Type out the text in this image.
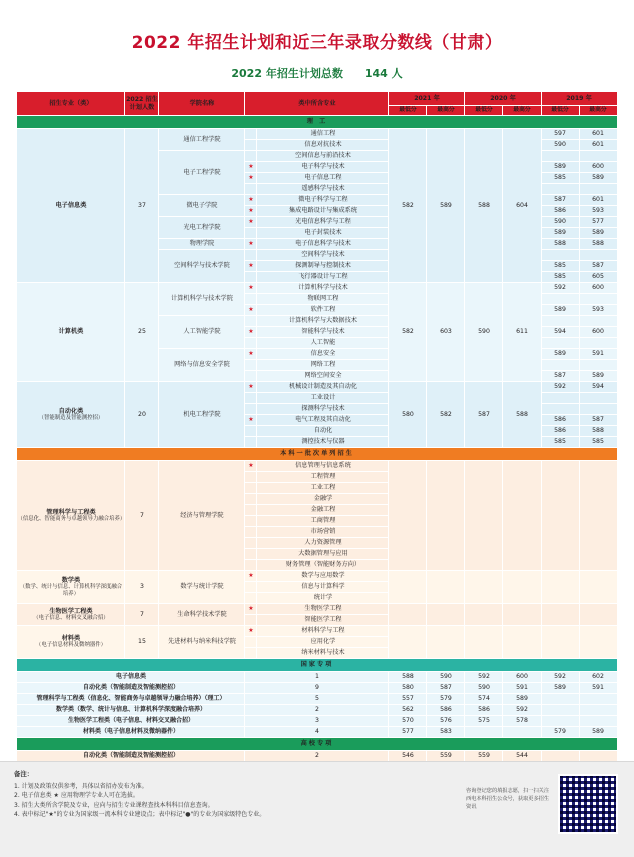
2022 年招生计划和近三年录取分数线（甘肃）
2022 年招生计划总数 144 人
招生专业（类）	2022 招生计划人数	学院名称	类中所含专业		2021 年		2020 年		2019 年	
					最低分	最高分	最低分	最高分	最低分	最高分
理 工										
电子信息类	37	通信工程学院		通信工程	582	589	588	604	597	601
				信息对抗技术					590	601
		电子工程学院		空间信息与前沿技术						
			★	电子科学与技术					589	600
			★	电子信息工程					585	589
				遥感科学与技术						
		微电子学院	★	微电子科学与工程					587	601
			★	集成电路设计与集成系统					586	593
		光电工程学院	★	光电信息科学与工程					590	577
				电子封装技术					589	589
		物理学院	★	电子信息科学与技术					588	588
		空间科学与技术学院		空间科学与技术						
			★	探测制导与控制技术					585	587
				飞行器设计与工程					585	605
计算机类	25	计算机科学与技术学院	★	计算机科学与技术	582	603	590	611	592	600
				物联网工程						
			★	软件工程					589	593
		人工智能学院		计算机科学与大数据技术						
			★	智能科学与技术					594	600
				人工智能						
		网络与信息安全学院	★	信息安全					589	591
				网络工程						
				网络空间安全					587	589
自动化类
（智能制造及智能测控招）	20	机电工程学院	★	机械设计制造及其自动化	580	582	587	588	592	594
				工业设计						
				探测科学与技术						
			★	电气工程及其自动化					586	587
				自动化					586	588
				测控技术与仪器					585	585
本科一批次单列招生										
管理科学与工程类
（信息化、智能商务与卓越领导力融合培养）	7	经济与管理学院	★	信息管理与信息系统						
				工程管理						
				工业工程						
				金融学						
				金融工程						
				工商管理						
				市场营销						
				人力资源管理						
				大数据管理与应用						
				财务管理（智能财务方向）						
数学类
（数学、统计与信息、计算机科学深度融合培养）	3	数学与统计学院	★	数学与应用数学						
				信息与计算科学						
				统计学						
生物医学工程类
（电子信息、材料交叉融合招）	7	生命科学技术学院	★	生物医学工程						
				智能医学工程						
材料类
（电子信息材料及微纳器件）	15	先进材料与纳米科技学院	★	材料科学与工程						
				应用化学						
				纳米材料与技术						
国家专项										
电子信息类			1		588	590	592	600	592	602
自动化类（智能制造及智能测控招）			9		580	587	590	591	589	591
管理科学与工程类（信息化、智能商务与卓越领导力融合培养）（理工）			5		557	579	574	589		
数学类（数学、统计与信息、计算机科学深度融合培养）			2		562	586	586	592		
生物医学工程类（电子信息、材料交叉融合招）			3		570	576	575	578		
材料类（电子信息材料及微纳器件）			4		577	583			579	589
高校专项										
自动化类（智能制造及智能测控招）			2		546	559	559	544		

备注：
1. 计划及政策仅供参考，具体以省招办发布为准。
2. 电子信息类 ★ 应用物理学专业人可在选拔。
3. 招生大类所含学院及专业，应向与招生专业课程查找本科科目信息查询。
4. 表中标记"★"的专业为国家级一流本科专业建设点；表中标记"●"的专业为国家级特色专业。
咨询登记您的填报志愿，扫一扫关注西电本科招生公众号，获取更多招生资讯
